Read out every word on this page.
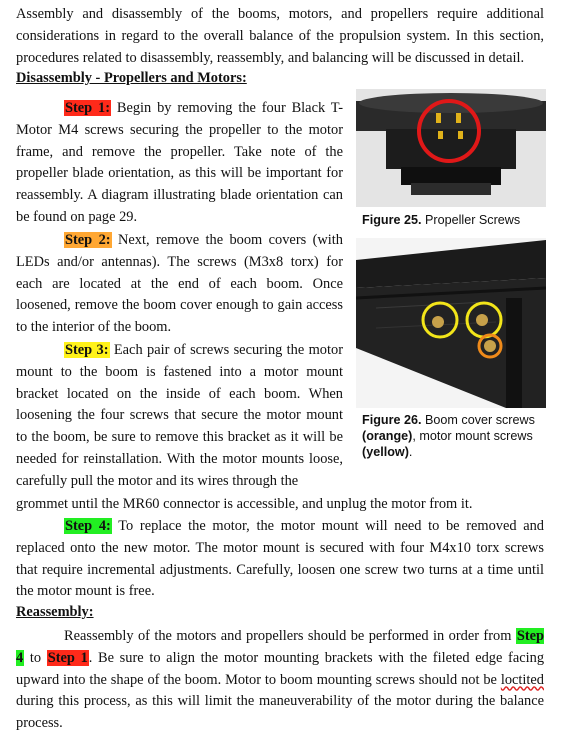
Assembly and disassembly of the booms, motors, and propellers require additional considerations in regard to the overall balance of the propulsion system. In this section, procedures related to disassembly, reassembly, and balancing will be discussed in detail.

Disassembly - Propellers and Motors:

Step 1: Begin by removing the four Black T-Motor M4 screws securing the propeller to the motor frame, and remove the propeller. Take note of the propeller blade orientation, as this will be important for reassembly. A diagram illustrating blade orientation can be found on page 29.

Step 2: Next, remove the boom covers (with LEDs and/or antennas). The screws (M3x8 torx) for each are located at the end of each boom. Once loosened, remove the boom cover enough to gain access to the interior of the boom.

Step 3: Each pair of screws securing the motor mount to the boom is fastened into a motor mount bracket located on the inside of each boom. When loosening the four screws that secure the motor mount to the boom, be sure to remove this bracket as it will be needed for reinstallation. With the motor mounts loose, carefully pull the motor and its wires through the

grommet until the MR60 connector is accessible, and unplug the motor from it.

Step 4: To replace the motor, the motor mount will need to be removed and replaced onto the new motor. The motor mount is secured with four M4x10 torx screws that require incremental adjustments. Carefully, loosen one screw two turns at a time until the motor mount is free.

Figure 25. Propeller Screws

Figure 26. Boom cover screws (orange), motor mount screws (yellow).

Reassembly:

Reassembly of the motors and propellers should be performed in order from Step 4 to Step 1. Be sure to align the motor mounting brackets with the fileted edge facing upward into the shape of the boom. Motor to boom mounting screws should not be loctited during this process, as this will limit the maneuverability of the motor during the balance process.
